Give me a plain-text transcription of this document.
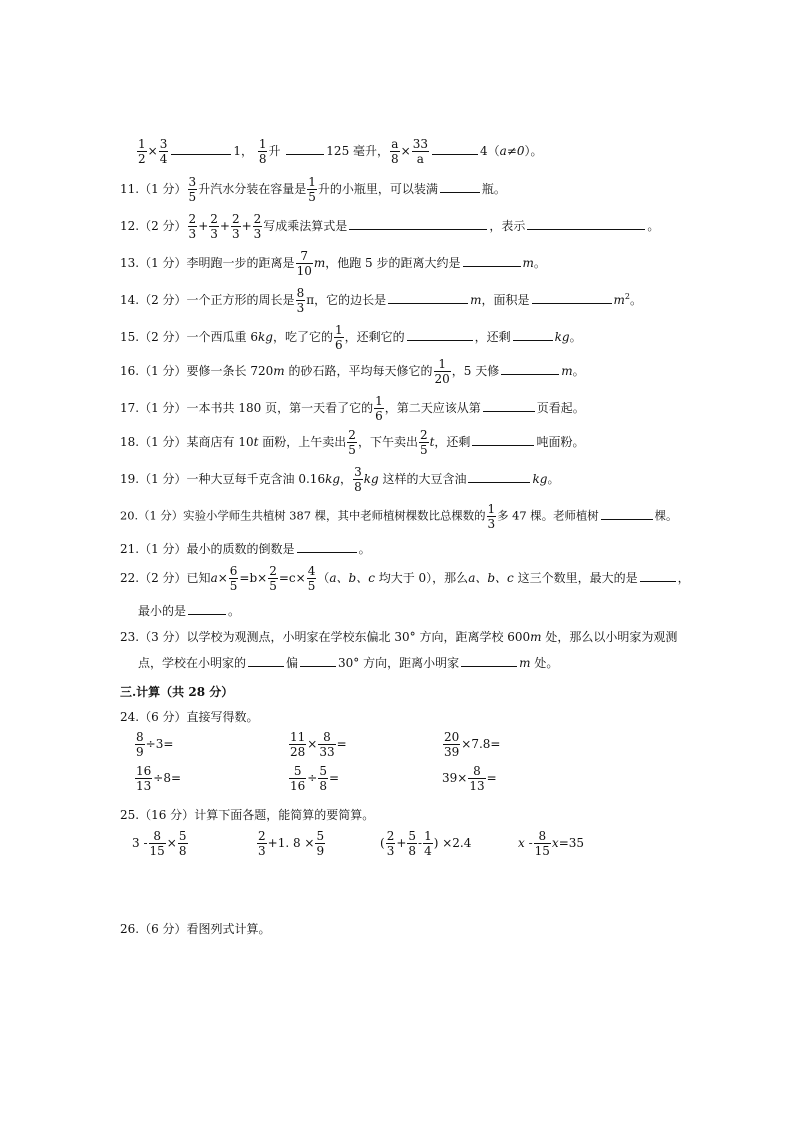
$\frac{1}{2} \times \frac{3}{4}$	1， $\frac{1}{8}$ 升	125 毫升， $\frac{a}{8} \times \frac{33}{a}$	4（a≠0）。
11.（1 分） $\frac{3}{5}$ 升汽水分装在容量是 $\frac{1}{5}$ 升的小瓶里，可以装满	瓶。
12.（2 分） $\frac{2}{3} + \frac{2}{3} + \frac{2}{3} + \frac{2}{3}$ 写成乘法算式是	，表示	。
13.（1 分）李明跑一步的距离是 $\frac{7}{10}$ m，他跑 5 步的距离大约是	m。
14.（2 分）一个正方形的周长是 $\frac{8}{3}$ π，它的边长是	m，面积是	$m^2$。
15.（2 分）一个西瓜重 6kg，吃了它的 $\frac{1}{6}$ ，还剩它的	，还剩	kg。
16.（1 分）要修一条长 720m 的砂石路，平均每天修它的 $\frac{1}{20}$ ，5 天修	m。
17.（1 分）一本书共 180 页，第一天看了它的 $\frac{1}{6}$ ，第二天应该从第	页看起。
18.（1 分）某商店有 10t 面粉，上午卖出 $\frac{2}{5}$ ，下午卖出 $\frac{2}{5}$ t，还剩	吨面粉。
19.（1 分）一种大豆每千克含油 0.16kg， $\frac{3}{8}$ kg 这样的大豆含油	kg。
20.（1 分）实验小学师生共植树 387 棵，其中老师植树棵数比总棵数的 $\frac{1}{3}$ 多 47 棵。老师植树	棵。
21.（1 分）最小的质数的倒数是	。
22.（2 分）已知$a\times \frac{6}{5} =b\times \frac{2}{5} =c\times \frac{4}{5} (a$、b、c 均大于 0），那么a、b、c 这三个数里，最大的是	，
最小的是	。
23.（3 分）以学校为观测点，小明家在学校东偏北 30° 方向，距离学校 600m 处，那么以小明家为观测
点，学校在小明家的	偏	30° 方向，距离小明家	m 处。
三.计算（共 28 分）
24.（6 分）直接写得数。
$\frac{8}{9} \div 3=$	$\frac{11}{28} \times \frac{8}{33}$ =	$\frac{20}{39} \times 7.8=$
$\frac{16}{13} \div 8=$	$\frac{5}{16} \div \frac{5}{8}$ =	$39\times \frac{8}{13}$ =
25.（16 分）计算下面各题，能简算的要简算。
$3 - \frac{8}{15} \times \frac{5}{8}$	$\frac{2}{3} +1$. $8 \times \frac{5}{9}$	( $\frac{2}{3} + \frac{5}{8} - \frac{1}{4}$ ) ×2.4	$x - \frac{8}{15} x=35$
26.（6 分）看图列式计算。
